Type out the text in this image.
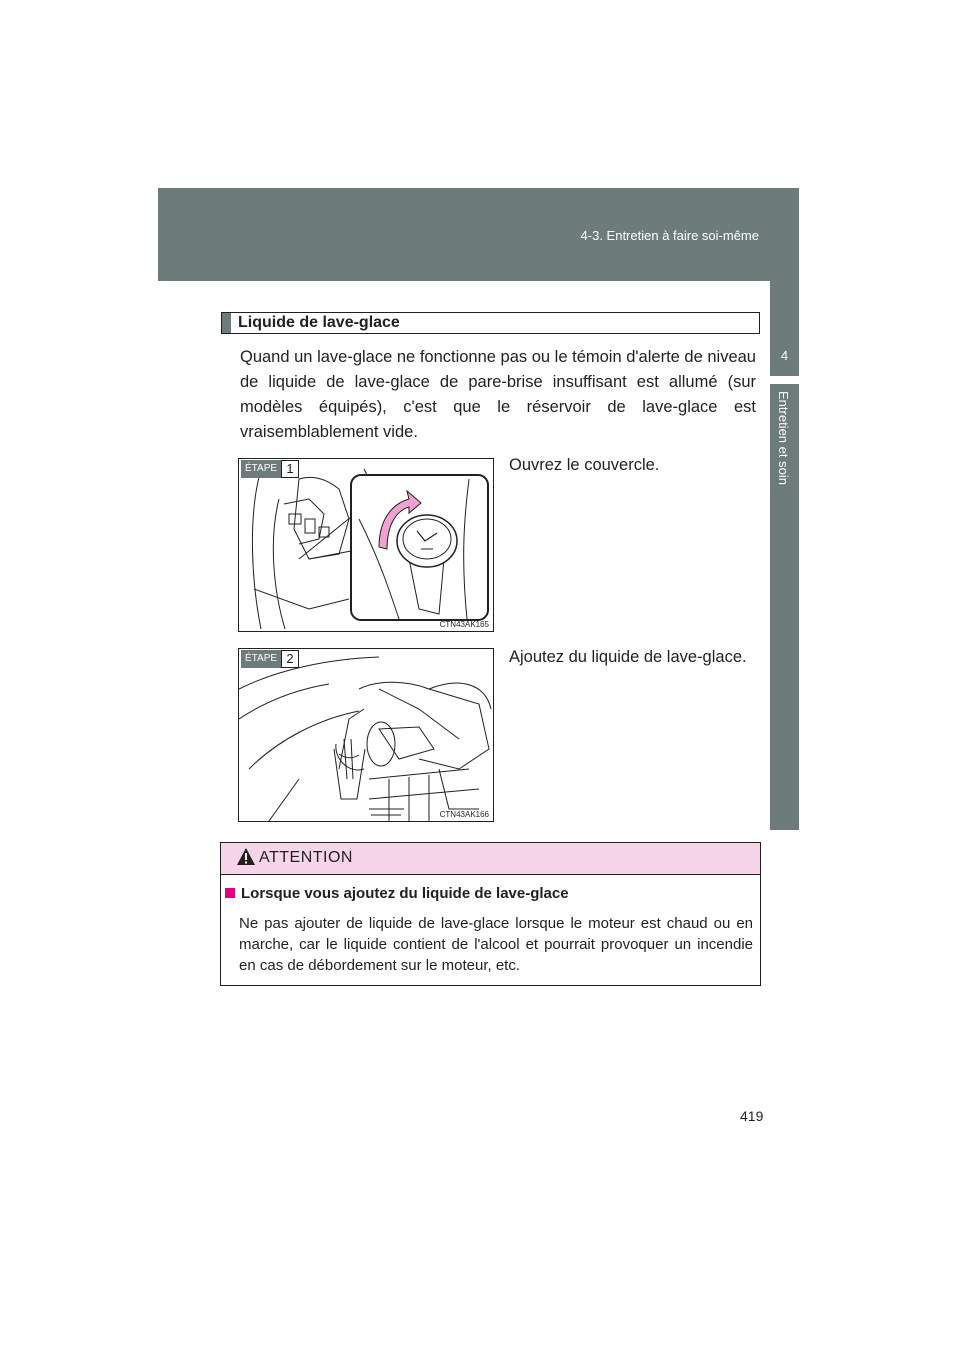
4-3. Entretien à faire soi-même
4
Entretien et soin
Liquide de lave-glace
Quand un lave-glace ne fonctionne pas ou le témoin d'alerte de niveau de liquide de lave-glace de pare-brise insuffisant est allumé (sur modèles équipés), c'est que le réservoir de lave-glace est vraisemblablement vide.
ÉTAPE 1
CTN43AK165
Ouvrez le couvercle.
ÉTAPE 2
CTN43AK166
Ajoutez du liquide de lave-glace.
ATTENTION
Lorsque vous ajoutez du liquide de lave-glace
Ne pas ajouter de liquide de lave-glace lorsque le moteur est chaud ou en marche, car le liquide contient de l'alcool et pourrait provoquer un incendie en cas de débordement sur le moteur, etc.
419
